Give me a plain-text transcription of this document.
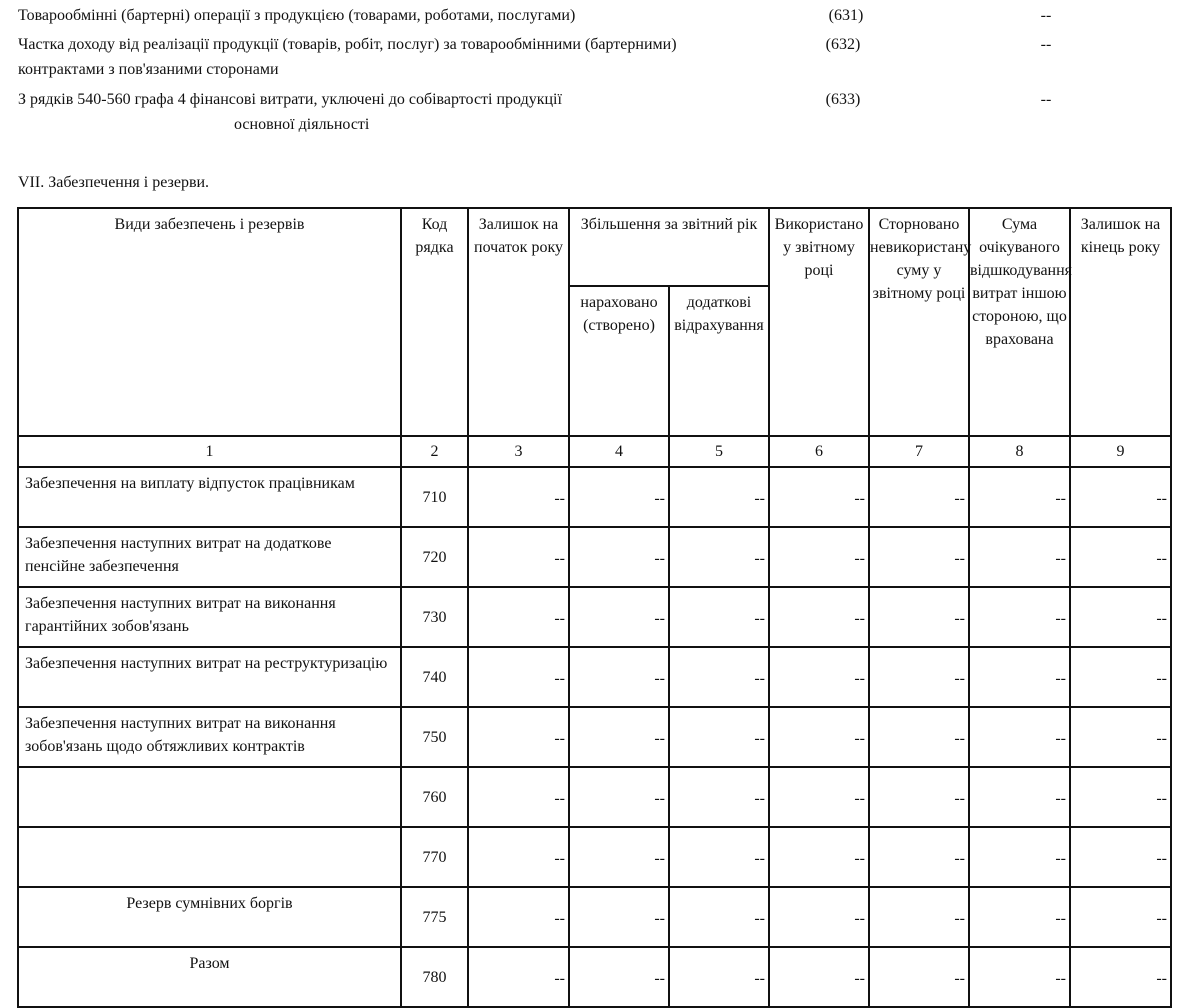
Товарообмінні (бартерні) операції з продукцією (товарами, роботами, послугами)	(631)	--
Частка доходу від реалізації продукції (товарів, робіт, послуг) за товарообмінними (бартерними)
контрактами з пов'язаними сторонами
(632)	--
З рядків 540-560 графа 4 фінансові витрати, уключені до собівартості продукції
основної діяльності
(633)	--
VII. Забезпечення і резерви.
Види забезпечень і резервів	Код рядка	Залишок на початок року	Збільшення за звітний рік		Використано у звітному році	Сторновано невикористану суму у звітному році	Сума очікуваного відшкодування витрат іншою стороною, що врахована	Залишок на кінець року
			нараховано (створено)	додаткові відрахування				
1	2	3	4	5	6	7	8	9
Забезпечення на виплату відпусток працівникам	710	--	--	--	--	--	--	--
Забезпечення наступних витрат на додаткове пенсійне забезпечення	720	--	--	--	--	--	--	--
Забезпечення наступних витрат на виконання гарантійних зобов'язань	730	--	--	--	--	--	--	--
Забезпечення наступних витрат на реструктуризацію	740	--	--	--	--	--	--	--
Забезпечення наступних витрат на виконання зобов'язань щодо обтяжливих контрактів	750	--	--	--	--	--	--	--
	760	--	--	--	--	--	--	--
	770	--	--	--	--	--	--	--
Резерв сумнівних боргів	775	--	--	--	--	--	--	--
Разом	780	--	--	--	--	--	--	--
